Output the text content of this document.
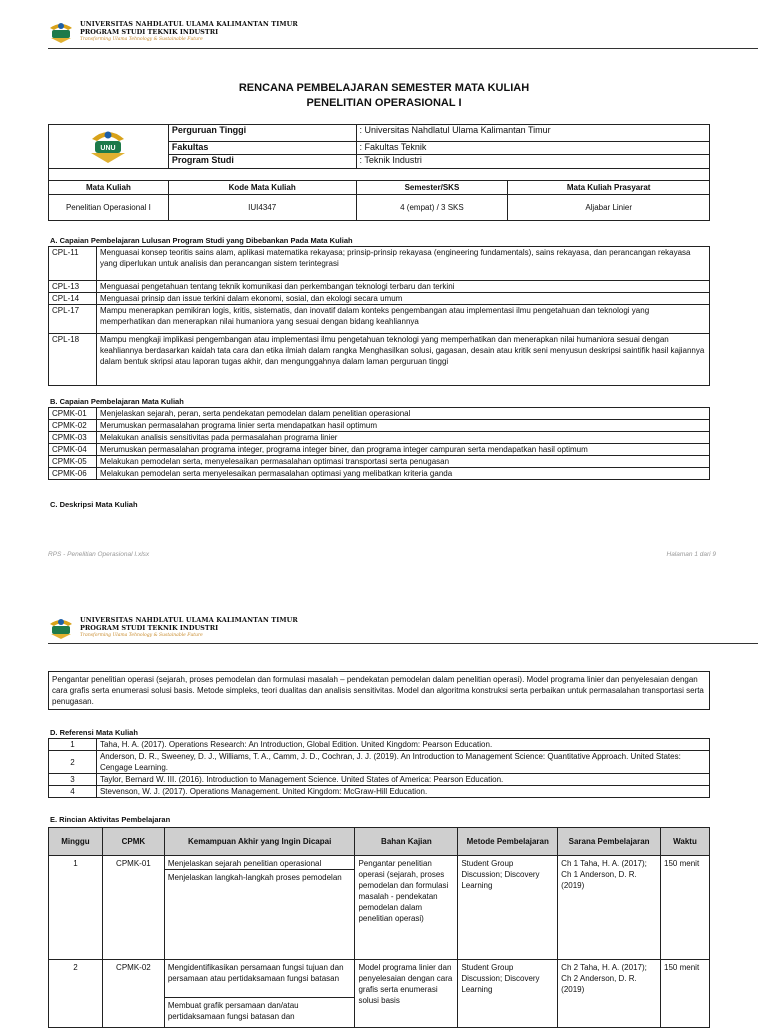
UNIVERSITAS NAHDLATUL ULAMA KALIMANTAN TIMUR
PROGRAM STUDI TEKNIK INDUSTRI
Transforming Ulama Tehnology & Sustainable Future
RENCANA PEMBELAJARAN SEMESTER MATA KULIAH
PENELITIAN OPERASIONAL I
UNU	Perguruan Tinggi	: Universitas Nahdlatul Ulama Kalimantan Timur	
	Fakultas	: Fakultas Teknik	
	Program Studi	: Teknik Industri	

Mata Kuliah	Kode Mata Kuliah	Semester/SKS	Mata Kuliah Prasyarat
Penelitian Operasional I	IUI4347	4 (empat) / 3 SKS	Aljabar Linier
A. Capaian Pembelajaran Lulusan Program Studi yang Dibebankan Pada Mata Kuliah
CPL-11	Menguasai konsep teoritis sains alam, aplikasi matematika rekayasa; prinsip-prinsip rekayasa (engineering fundamentals), sains rekayasa, dan perancangan rekayasa yang diperlukan untuk analisis dan perancangan sistem terintegrasi
CPL-13	Menguasai pengetahuan tentang teknik komunikasi dan perkembangan teknologi terbaru dan terkini
CPL-14	Menguasai prinsip dan issue terkini dalam ekonomi, sosial, dan ekologi secara umum
CPL-17	Mampu menerapkan pemikiran logis, kritis, sistematis, dan inovatif dalam konteks pengembangan atau implementasi ilmu pengetahuan dan teknologi yang memperhatikan dan menerapkan nilai humaniora yang sesuai dengan bidang keahliannya
CPL-18	Mampu mengkaji implikasi pengembangan atau implementasi ilmu pengetahuan teknologi yang memperhatikan dan menerapkan nilai humaniora sesuai dengan keahliannya berdasarkan kaidah tata cara dan etika ilmiah dalam rangka Menghasilkan solusi, gagasan, desain atau kritik seni menyusun deskripsi saintifik hasil kajiannya dalam bentuk skripsi atau laporan tugas akhir, dan mengunggahnya dalam laman perguruan tinggi
B. Capaian Pembelajaran Mata Kuliah
CPMK-01	Menjelaskan sejarah, peran, serta pendekatan pemodelan dalam penelitian operasional
CPMK-02	Merumuskan permasalahan programa linier serta mendapatkan hasil optimum
CPMK-03	Melakukan analisis sensitivitas pada permasalahan programa linier
CPMK-04	Merumuskan permasalahan programa integer, programa integer biner, dan programa integer campuran serta mendapatkan hasil optimum
CPMK-05	Melakukan pemodelan serta, menyelesaikan permasalahan optimasi transportasi serta penugasan
CPMK-06	Melakukan pemodelan serta menyelesaikan permasalahan optimasi yang melibatkan kriteria ganda
C. Deskripsi Mata Kuliah
RPS - Penelitian Operasional I.xlsx	Halaman 1 dari 9
UNIVERSITAS NAHDLATUL ULAMA KALIMANTAN TIMUR
PROGRAM STUDI TEKNIK INDUSTRI
Transforming Ulama Tehnology & Sustainable Future
Pengantar penelitian operasi (sejarah, proses pemodelan dan formulasi masalah – pendekatan pemodelan dalam penelitian operasi). Model programa linier dan penyelesaian dengan cara grafis serta enumerasi solusi basis. Metode simpleks, teori dualitas dan analisis sensitivitas. Model dan algoritma konstruksi serta perbaikan untuk permasalahan transportasi serta penugasan.
D. Referensi Mata Kuliah
1	Taha, H. A. (2017). Operations Research: An Introduction, Global Edition. United Kingdom: Pearson Education.
2	Anderson, D. R., Sweeney, D. J., Williams, T. A., Camm, J. D., Cochran, J. J. (2019). An Introduction to Management Science: Quantitative Approach. United States: Cengage Learning.
3	Taylor, Bernard W. III. (2016). Introduction to Management Science. United States of America: Pearson Education.
4	Stevenson, W. J. (2017). Operations Management. United Kingdom: McGraw-Hill Education.
E. Rincian Aktivitas Pembelajaran
Minggu	CPMK	Kemampuan Akhir yang Ingin Dicapai	Bahan Kajian	Metode Pembelajaran	Sarana Pembelajaran	Waktu
1	CPMK-01	Menjelaskan sejarah penelitian operasional	Pengantar penelitian operasi (sejarah, proses pemodelan dan formulasi masalah - pendekatan pemodelan dalam penelitian operasi)	Student Group Discussion; Discovery Learning	Ch 1 Taha, H. A. (2017); Ch 1 Anderson, D. R. (2019)	150 menit
		Menjelaskan langkah-langkah proses pemodelan				
2	CPMK-02	Mengidentifikasikan persamaan fungsi tujuan dan persamaan atau pertidaksamaan fungsi batasan	Model programa linier dan penyelesaian dengan cara grafis serta enumerasi solusi basis	Student Group Discussion; Discovery Learning	Ch 2 Taha, H. A. (2017); Ch 2 Anderson, D. R. (2019)	150 menit
		Membuat grafik persamaan dan/atau pertidaksamaan fungsi batasan dan				
